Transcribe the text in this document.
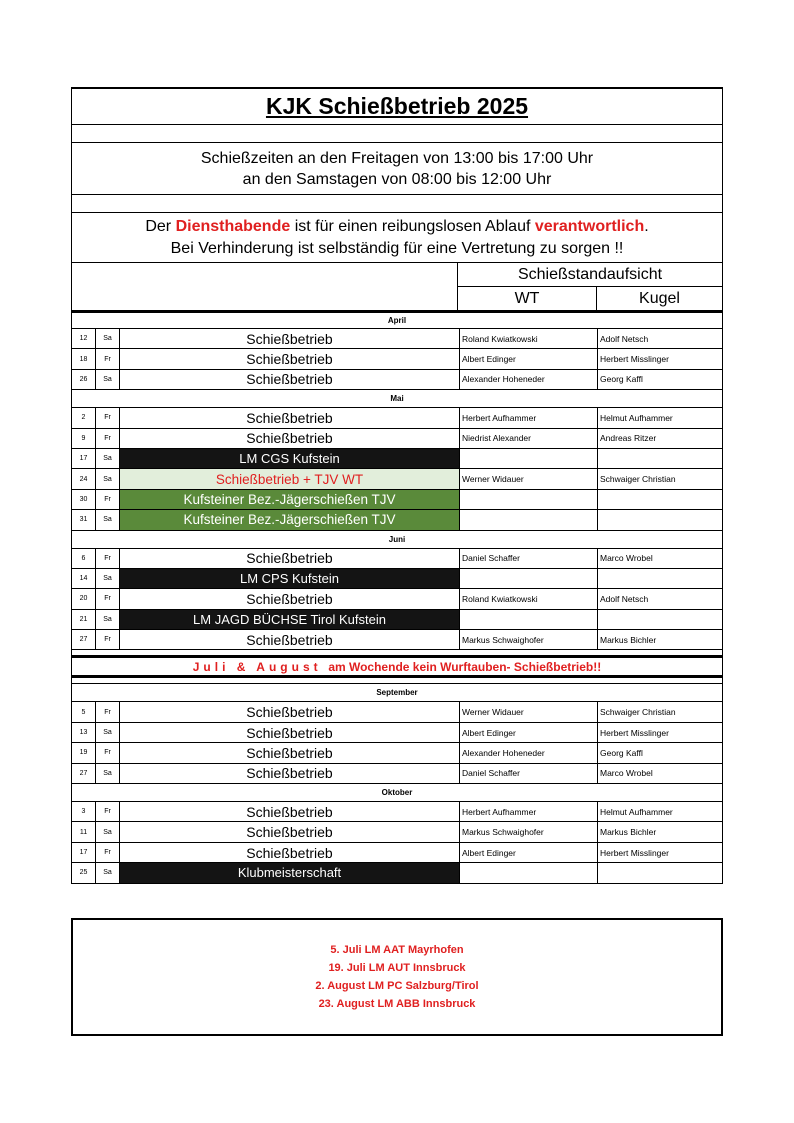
KJK Schießbetrieb 2025
Schießzeiten an den Freitagen von 13:00 bis 17:00 Uhr
an den Samstagen von 08:00 bis 12:00 Uhr
Der Diensthabende ist für einen reibungslosen Ablauf verantwortlich.
Bei Verhinderung ist selbständig für eine Vertretung zu sorgen !!
Schießstandaufsicht
WT	Kugel
April
12	Sa	Schießbetrieb	Roland Kwiatkowski	Adolf Netsch
18	Fr	Schießbetrieb	Albert Edinger	Herbert Misslinger
26	Sa	Schießbetrieb	Alexander Hoheneder	Georg Kaffl
Mai
2	Fr	Schießbetrieb	Herbert Aufhammer	Helmut Aufhammer
9	Fr	Schießbetrieb	Niedrist Alexander	Andreas Ritzer
17	Sa	LM CGS Kufstein
24	Sa	Schießbetrieb + TJV WT	Werner Widauer	Schwaiger Christian
30	Fr	Kufsteiner Bez.-Jägerschießen TJV
31	Sa	Kufsteiner Bez.-Jägerschießen TJV
Juni
6	Fr	Schießbetrieb	Daniel Schaffer	Marco Wrobel
14	Sa	LM CPS Kufstein
20	Fr	Schießbetrieb	Roland Kwiatkowski	Adolf Netsch
21	Sa	LM JAGD BÜCHSE Tirol Kufstein
27	Fr	Schießbetrieb	Markus Schwaighofer	Markus Bichler
Juli & August
am Wochende kein Wurftauben- Schießbetrieb!!
September
5	Fr	Schießbetrieb	Werner Widauer	Schwaiger Christian
13	Sa	Schießbetrieb	Albert Edinger	Herbert Misslinger
19	Fr	Schießbetrieb	Alexander Hoheneder	Georg Kaffl
27	Sa	Schießbetrieb	Daniel Schaffer	Marco Wrobel
Oktober
3	Fr	Schießbetrieb	Herbert Aufhammer	Helmut Aufhammer
11	Sa	Schießbetrieb	Markus Schwaighofer	Markus Bichler
17	Fr	Schießbetrieb	Albert Edinger	Herbert Misslinger
25	Sa	Klubmeisterschaft
5. Juli LM AAT Mayrhofen
19. Juli LM AUT Innsbruck
2. August LM PC Salzburg/Tirol
23. August LM ABB Innsbruck
